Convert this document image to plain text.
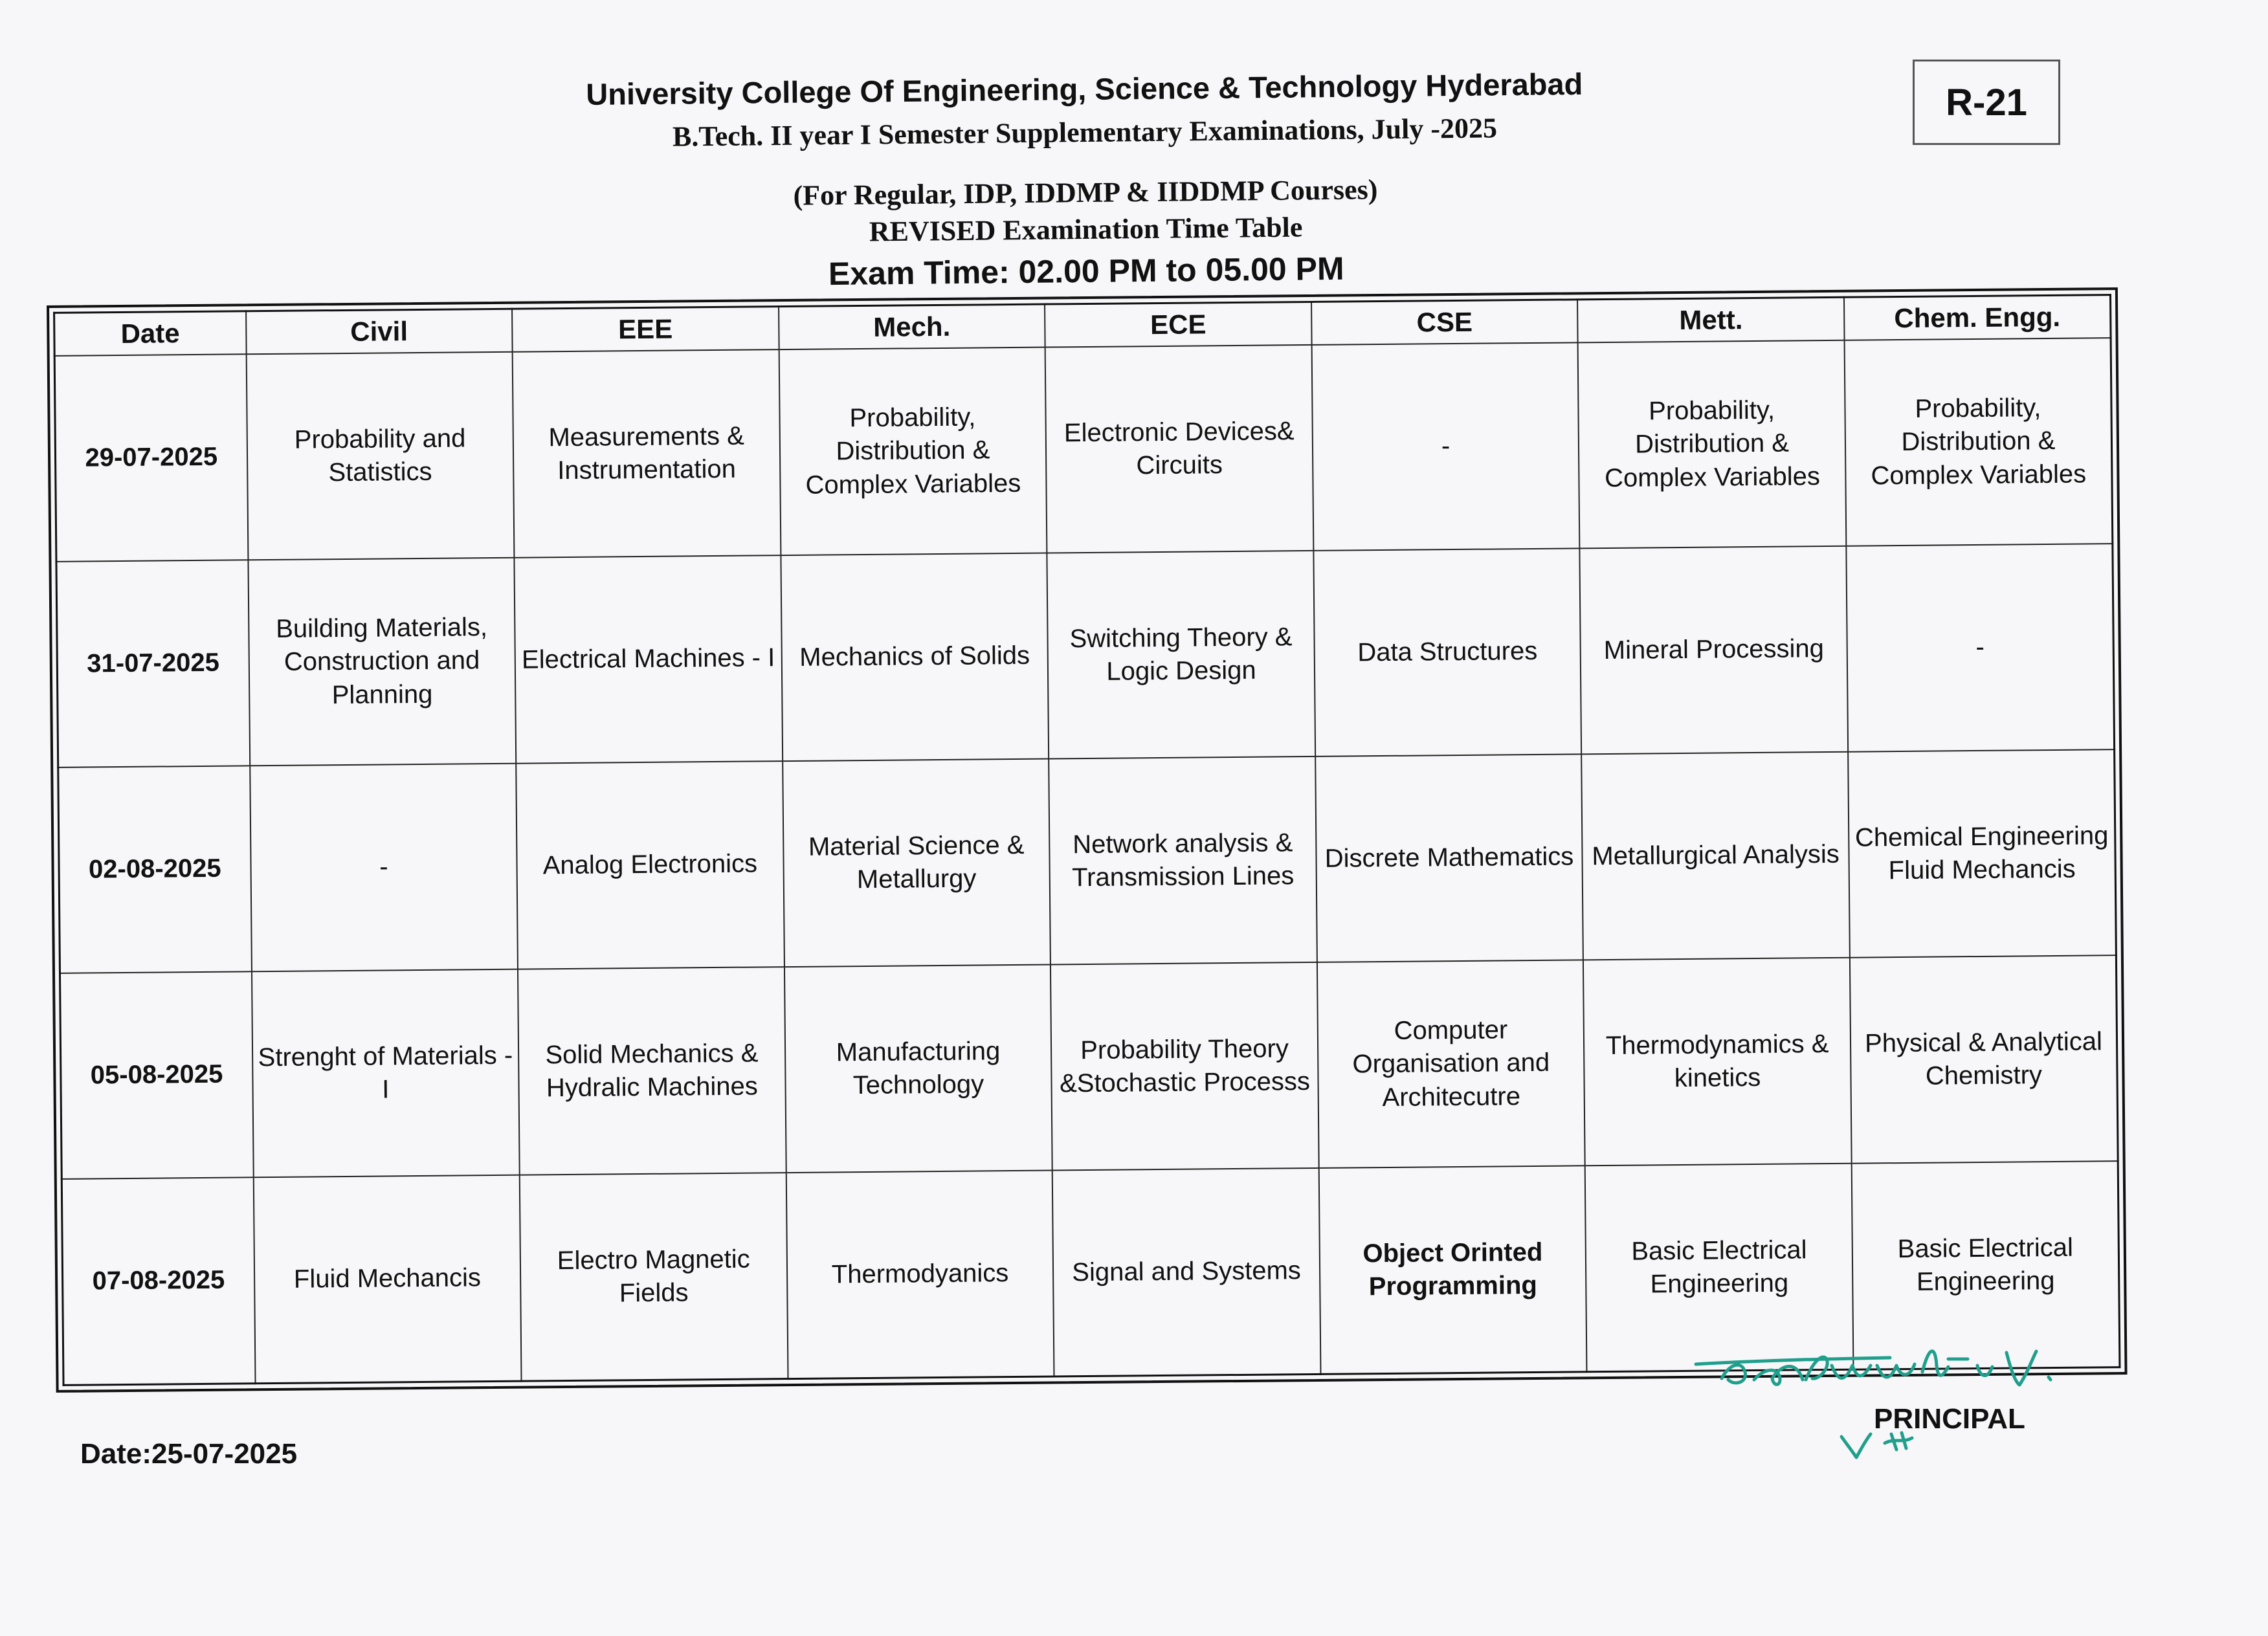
R-21
University College Of Engineering, Science & Technology Hyderabad
B.Tech. II year I Semester Supplementary Examinations, July -2025
(For Regular, IDP, IDDMP & IIDDMP Courses)
REVISED Examination Time Table
Exam Time: 02.00 PM to 05.00 PM
Date	Civil	EEE	Mech.	ECE	CSE	Mett.	Chem. Engg.
29-07-2025	Probability and Statistics	Measurements & Instrumentation	Probability, Distribution & Complex Variables	Electronic Devices& Circuits	-	Probability, Distribution & Complex Variables	Probability, Distribution & Complex Variables
31-07-2025	Building Materials, Construction and Planning	Electrical Machines - I	Mechanics of Solids	Switching Theory & Logic Design	Data Structures	Mineral Processing	-
02-08-2025	-	Analog Electronics	Material Science & Metallurgy	Network analysis & Transmission Lines	Discrete Mathematics	Metallurgical Analysis	Chemical Engineering Fluid Mechancis
05-08-2025	Strenght of Materials - I	Solid Mechanics & Hydralic Machines	Manufacturing Technology	Probability Theory &Stochastic Processs	Computer Organisation and Architecutre	Thermodynamics & kinetics	Physical & Analytical Chemistry
07-08-2025	Fluid Mechancis	Electro Magnetic Fields	Thermodyanics	Signal and Systems	Object Orinted Programming	Basic Electrical Engineering	Basic Electrical Engineering
Date:25-07-2025
PRINCIPAL
